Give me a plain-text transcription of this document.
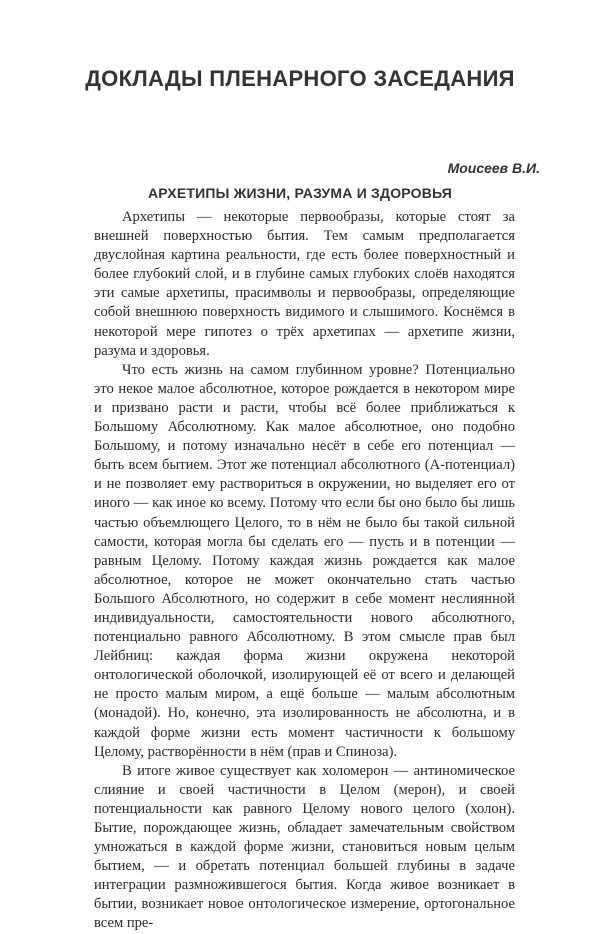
ДОКЛАДЫ ПЛЕНАРНОГО ЗАСЕДАНИЯ
Моисеев В.И.
АРХЕТИПЫ ЖИЗНИ, РАЗУМА И ЗДОРОВЬЯ

Архетипы — некоторые первообразы, которые стоят за внешней поверхностью бытия. Тем самым предполагается двуслойная картина реальности, где есть более поверхностный и более глубокий слой, и в глубине самых глубоких слоёв находятся эти самые архетипы, прасимволы и первообразы, определяющие собой внешнюю поверхность видимого и слышимого. Коснёмся в некоторой мере гипотез о трёх архетипах — архетипе жизни, разума и здоровья.

Что есть жизнь на самом глубинном уровне? Потенциально это некое малое абсолютное, которое рождается в некотором мире и призвано расти и расти, чтобы всё более приближаться к Большому Абсолютному. Как малое абсолютное, оно подобно Большому, и потому изначально несёт в себе его потенциал — быть всем бытием. Этот же потенциал абсолютного (А-потенциал) и не позволяет ему раствориться в окружении, но выделяет его от иного — как иное ко всему. Потому что если бы оно было бы лишь частью объемлющего Целого, то в нём не было бы такой сильной самости, которая могла бы сделать его — пусть и в потенции — равным Целому. Потому каждая жизнь рождается как малое абсолютное, которое не может окончательно стать частью Большого Абсолютного, но содержит в себе момент неслиянной индивидуальности, самостоятельности нового абсолютного, потенциально равного Абсолютному. В этом смысле прав был Лейбниц: каждая форма жизни окружена некоторой онтологической оболочкой, изолирующей её от всего и делающей не просто малым миром, а ещё больше — малым абсолютным (монадой). Но, конечно, эта изолированность не абсолютна, и в каждой форме жизни есть момент частичности к большому Целому, растворённости в нём (прав и Спиноза).

В итоге живое существует как холомерон — антиномическое слияние и своей частичности в Целом (мерон), и своей потенциальности как равного Целому нового целого (холон). Бытие, порождающее жизнь, обладает замечательным свойством умножаться в каждой форме жизни, становиться новым целым бытием, — и обретать потенциал большей глубины в задаче интеграции размножившегося бытия. Когда живое возникает в бытии, возникает новое онтологическое измерение, ортогональное всем пре-
